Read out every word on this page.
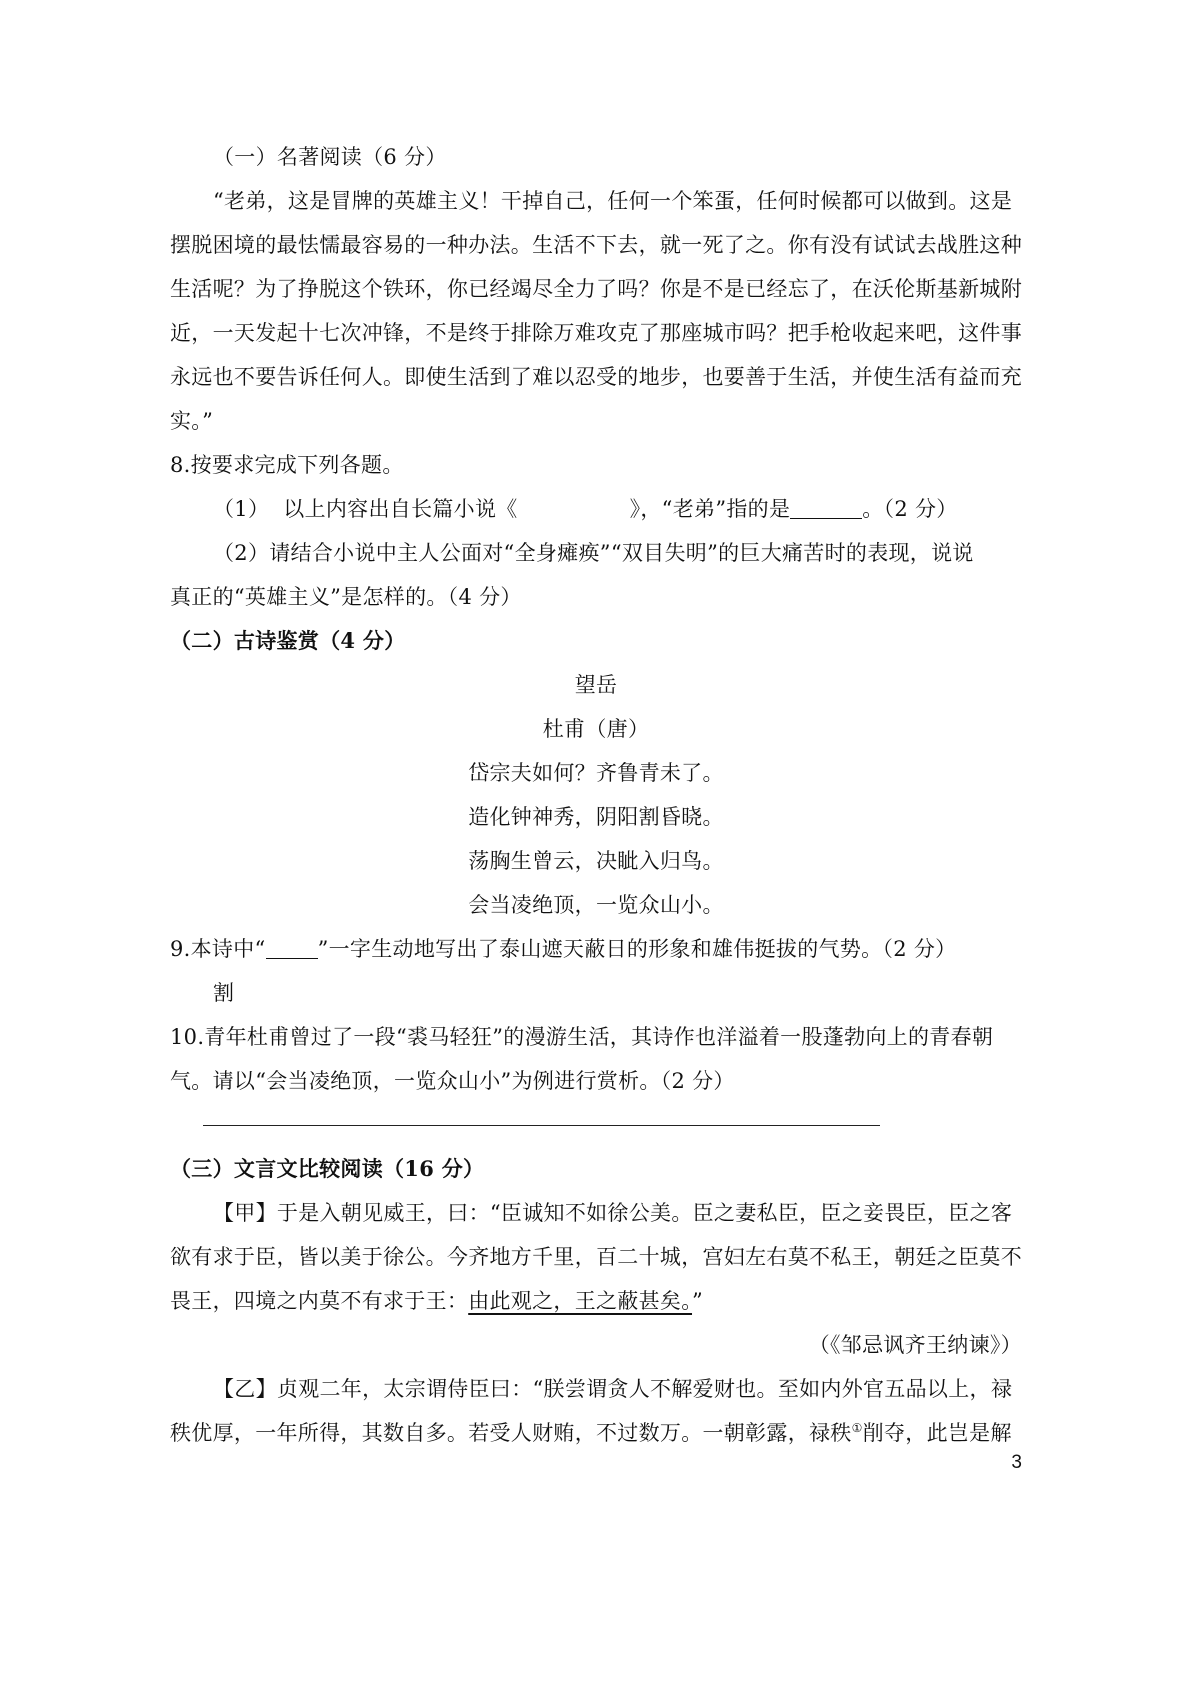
（一）名著阅读（6 分）
“老弟，这是冒牌的英雄主义！干掉自己，任何一个笨蛋，任何时候都可以做到。这是
摆脱困境的最怯懦最容易的一种办法。生活不下去，就一死了之。你有没有试试去战胜这种
生活呢？为了挣脱这个铁环，你已经竭尽全力了吗？你是不是已经忘了，在沃伦斯基新城附
近，一天发起十七次冲锋，不是终于排除万难攻克了那座城市吗？把手枪收起来吧，这件事
永远也不要告诉任何人。即使生活到了难以忍受的地步，也要善于生活，并使生活有益而充
实。”
8.按要求完成下列各题。
（1） 以上内容出自长篇小说《	》，“老弟”指的是	。（2 分）
（2）请结合小说中主人公面对“全身瘫痪”“双目失明”的巨大痛苦时的表现，说说
真正的“英雄主义”是怎样的。（4 分）
（二）古诗鉴赏（4 分）
望岳
杜甫（唐）
岱宗夫如何？齐鲁青未了。
造化钟神秀，阴阳割昏晓。
荡胸生曾云，决眦入归鸟。
会当凌绝顶，一览众山小。
9.本诗中“ ”一字生动地写出了泰山遮天蔽日的形象和雄伟挺拔的气势。（2 分）
割
10.青年杜甫曾过了一段“裘马轻狂”的漫游生活，其诗作也洋溢着一股蓬勃向上的青春朝
气。请以“会当凌绝顶，一览众山小”为例进行赏析。（2 分）
（三）文言文比较阅读（16 分）
【甲】于是入朝见威王，曰：“臣诚知不如徐公美。臣之妻私臣，臣之妾畏臣，臣之客
欲有求于臣，皆以美于徐公。今齐地方千里，百二十城，宫妇左右莫不私王，朝廷之臣莫不
畏王，四境之内莫不有求于王：由此观之，王之蔽甚矣。”
（《邹忌讽齐王纳谏》）
【乙】贞观二年，太宗谓侍臣曰：“朕尝谓贪人不解爱财也。至如内外官五品以上，禄
秩优厚，一年所得，其数自多。若受人财贿，不过数万。一朝彰露，禄秩①削夺，此岂是解
3
